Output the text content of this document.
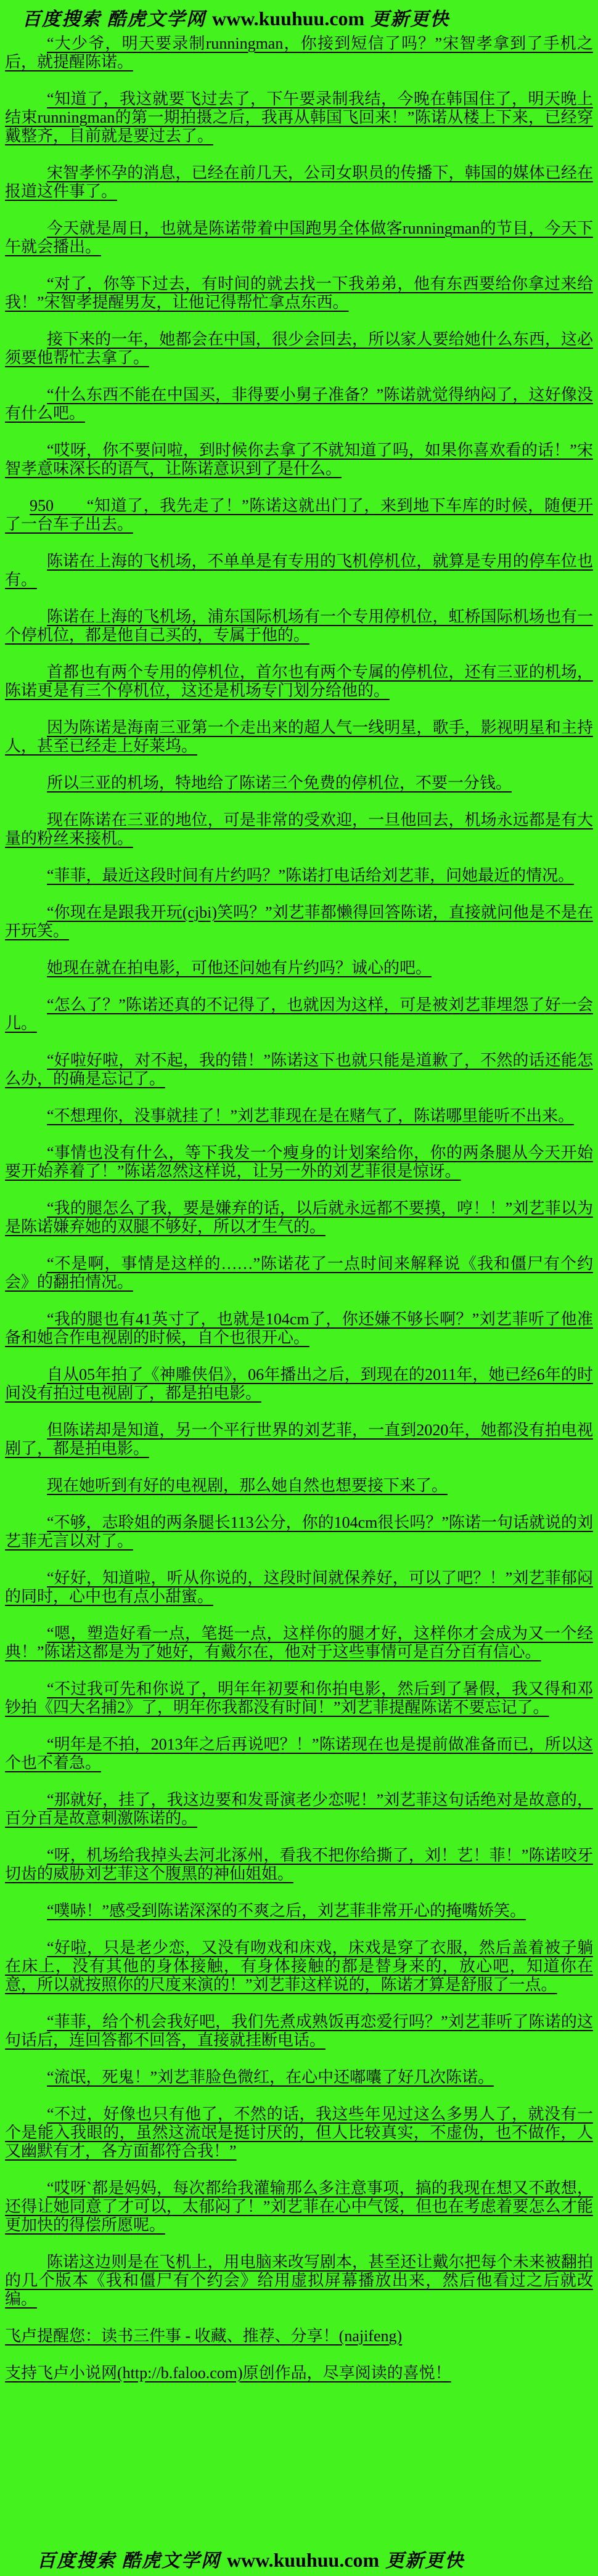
百度搜索 酷虎文学网 www.kuuhuu.com 更新更快

“大少爷，明天要录制runningman，你接到短信了吗？”宋智孝拿到了手机之后，就提醒陈诺。

“知道了，我这就要飞过去了，下午要录制我结，今晚在韩国住了，明天晚上结束runningman的第一期拍摄之后，我再从韩国飞回来！”陈诺从楼上下来，已经穿戴整齐，目前就是要过去了。

宋智孝怀孕的消息，已经在前几天，公司女职员的传播下，韩国的媒体已经在报道这件事了。

今天就是周日，也就是陈诺带着中国跑男全体做客runningman的节目，今天下午就会播出。

“对了，你等下过去，有时间的就去找一下我弟弟，他有东西要给你拿过来给我！”宋智孝提醒男友，让他记得帮忙拿点东西。

接下来的一年，她都会在中国，很少会回去，所以家人要给她什么东西，这必须要他帮忙去拿了。

“什么东西不能在中国买，非得要小舅子准备？”陈诺就觉得纳闷了，这好像没有什么吧。

“哎呀，你不要问啦，到时候你去拿了不就知道了吗，如果你喜欢看的话！”宋智孝意味深长的语气，让陈诺意识到了是什么。

950　　“知道了，我先走了！”陈诺这就出门了，来到地下车库的时候，随便开了一台车子出去。

陈诺在上海的飞机场，不单单是有专用的飞机停机位，就算是专用的停车位也有。

陈诺在上海的飞机场，浦东国际机场有一个专用停机位，虹桥国际机场也有一个停机位，都是他自己买的，专属于他的。

首都也有两个专用的停机位，首尔也有两个专属的停机位，还有三亚的机场，陈诺更是有三个停机位，这还是机场专门划分给他的。

因为陈诺是海南三亚第一个走出来的超人气一线明星，歌手，影视明星和主持人，甚至已经走上好莱坞。

所以三亚的机场，特地给了陈诺三个免费的停机位，不要一分钱。

现在陈诺在三亚的地位，可是非常的受欢迎，一旦他回去，机场永远都是有大量的粉丝来接机。

“菲菲，最近这段时间有片约吗？”陈诺打电话给刘艺菲，问她最近的情况。

“你现在是跟我开玩(cjbi)笑吗？”刘艺菲都懒得回答陈诺，直接就问他是不是在开玩笑。

她现在就在拍电影，可他还问她有片约吗？诚心的吧。

“怎么了？”陈诺还真的不记得了，也就因为这样，可是被刘艺菲埋怨了好一会儿。

“好啦好啦，对不起，我的错！”陈诺这下也就只能是道歉了，不然的话还能怎么办，的确是忘记了。

“不想理你，没事就挂了！”刘艺菲现在是在赌气了，陈诺哪里能听不出来。

“事情也没有什么，等下我发一个瘦身的计划案给你，你的两条腿从今天开始要开始养着了！”陈诺忽然这样说，让另一外的刘艺菲很是惊讶。

“我的腿怎么了我，要是嫌弃的话，以后就永远都不要摸，哼！！”刘艺菲以为是陈诺嫌弃她的双腿不够好，所以才生气的。

“不是啊，事情是这样的……”陈诺花了一点时间来解释说《我和僵尸有个约会》的翻拍情况。

“我的腿也有41英寸了，也就是104cm了，你还嫌不够长啊？”刘艺菲听了他准备和她合作电视剧的时候，自个也很开心。

自从05年拍了《神雕侠侣》，06年播出之后，到现在的2011年，她已经6年的时间没有拍过电视剧了，都是拍电影。

但陈诺却是知道，另一个平行世界的刘艺菲，一直到2020年，她都没有拍电视剧了，都是拍电影。

现在她听到有好的电视剧，那么她自然也想要接下来了。

“不够，志聆姐的两条腿长113公分，你的104cm很长吗？”陈诺一句话就说的刘艺菲无言以对了。

“好好，知道啦，听从你说的，这段时间就保养好，可以了吧？！”刘艺菲郁闷的同时，心中也有点小甜蜜。

“嗯，塑造好看一点，笔挺一点，这样你的腿才好，这样你才会成为又一个经典！”陈诺这都是为了她好，有戴尔在，他对于这些事情可是百分百有信心。

“不过我可先和你说了，明年年初要和你拍电影，然后到了暑假，我又得和邓钞拍《四大名捕2》了，明年你我都没有时间！”刘艺菲提醒陈诺不要忘记了。

“明年是不拍，2013年之后再说吧？！”陈诺现在也是提前做准备而已，所以这个也不着急。

“那就好，挂了，我这边要和发哥演老少恋呢！”刘艺菲这句话绝对是故意的，百分百是故意刺激陈诺的。

“呀，机场给我掉头去河北涿州，看我不把你给撕了，刘！艺！菲！”陈诺咬牙切齿的威胁刘艺菲这个腹黑的神仙姐姐。

“噗哧！”感受到陈诺深深的不爽之后，刘艺菲非常开心的掩嘴娇笑。

“好啦，只是老少恋，又没有吻戏和床戏，床戏是穿了衣服，然后盖着被子躺在床上，没有其他的身体接触，有身体接触的都是替身来的，放心吧，知道你在意，所以就按照你的尺度来演的！”刘艺菲这样说的，陈诺才算是舒服了一点。

“菲菲，给个机会我好吧，我们先煮成熟饭再恋爱行吗？”刘艺菲听了陈诺的这句话后，连回答都不回答，直接就挂断电话。

“流氓，死鬼！”刘艺菲脸色微红，在心中还嘟囔了好几次陈诺。

“不过，好像也只有他了，不然的话，我这些年见过这么多男人了，就没有一个是能入我眼的，虽然这流氓是挺讨厌的，但人比较真实，不虚伪，也不做作，人又幽默有才，各方面都符合我！”

“哎呀`都是妈妈，每次都给我灌输那么多注意事项，搞的我现在想又不敢想，还得让她同意了才可以，太郁闷了！”刘艺菲在心中气馁，但也在考虑着要怎么才能更加快的得偿所愿呢。

陈诺这边则是在飞机上，用电脑来改写剧本，甚至还让戴尔把每个未来被翻拍的几个版本《我和僵尸有个约会》给用虚拟屏幕播放出来，然后他看过之后就改编。

飞卢提醒您：读书三件事 - 收藏、推荐、分享！(najifeng)

支持飞卢小说网(http://b.faloo.com)原创作品，尽享阅读的喜悦！

百度搜索 酷虎文学网 www.kuuhuu.com 更新更快
